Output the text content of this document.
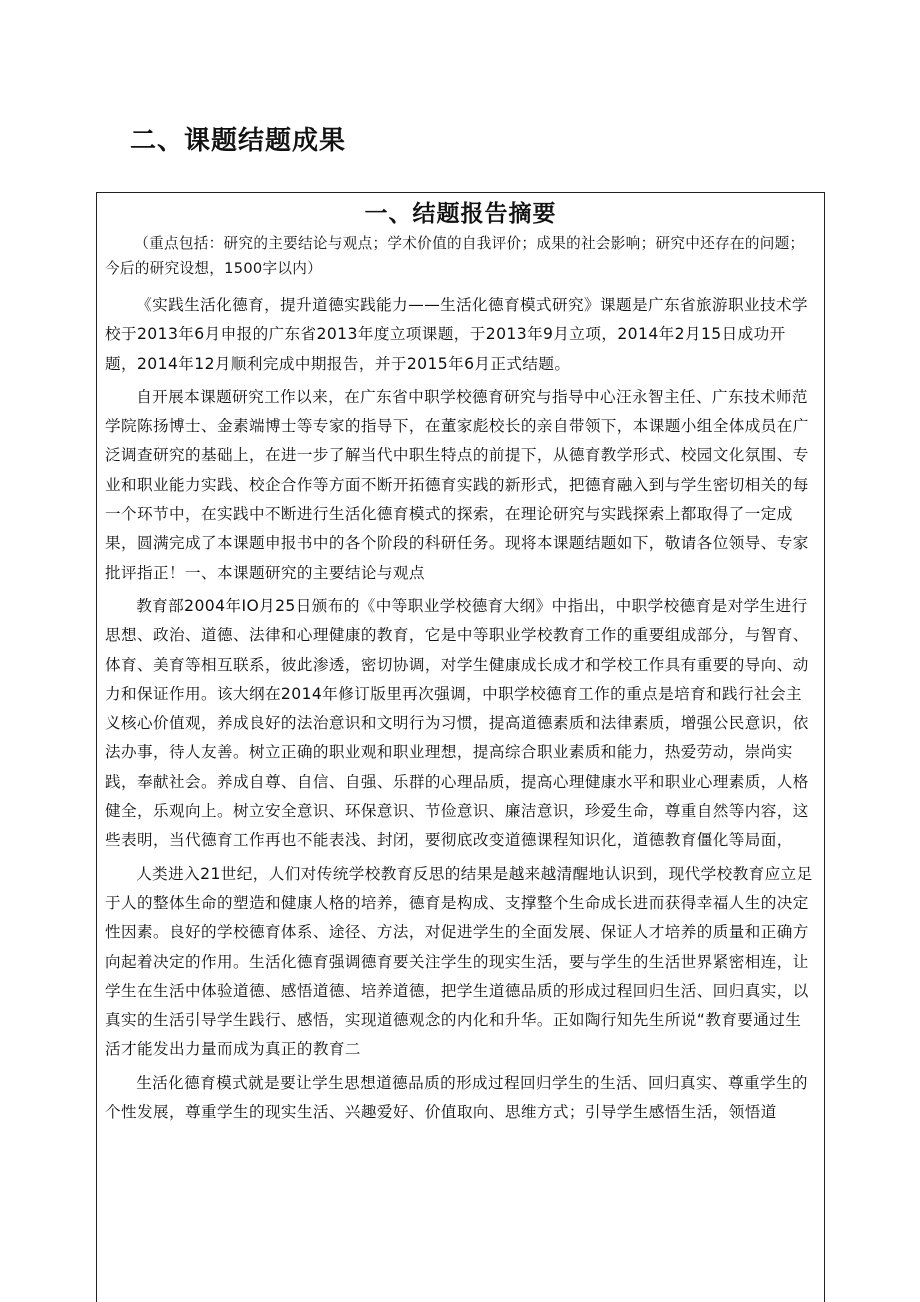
二、课题结题成果
一、结题报告摘要

（重点包括：研究的主要结论与观点；学术价值的自我评价；成果的社会影响；研究中还存在的问题；今后的研究设想，1500字以内）

《实践生活化德育，提升道德实践能力——生活化德育模式研究》课题是广东省旅游职业技术学校于2013年6月申报的广东省2013年度立项课题，于2013年9月立项，2014年2月15日成功开题，2014年12月顺利完成中期报告，并于2015年6月正式结题。

自开展本课题研究工作以来，在广东省中职学校德育研究与指导中心汪永智主任、广东技术师范学院陈扬博士、金素端博士等专家的指导下，在董家彪校长的亲自带领下，本课题小组全体成员在广泛调查研究的基础上，在进一步了解当代中职生特点的前提下，从德育教学形式、校园文化氛围、专业和职业能力实践、校企合作等方面不断开拓德育实践的新形式，把德育融入到与学生密切相关的每一个环节中，在实践中不断进行生活化德育模式的探索，在理论研究与实践探索上都取得了一定成果，圆满完成了本课题申报书中的各个阶段的科研任务。现将本课题结题如下，敬请各位领导、专家批评指正！一、本课题研究的主要结论与观点

教育部2004年IO月25日颁布的《中等职业学校德育大纲》中指出，中职学校德育是对学生进行思想、政治、道德、法律和心理健康的教育，它是中等职业学校教育工作的重要组成部分，与智育、体育、美育等相互联系，彼此渗透，密切协调，对学生健康成长成才和学校工作具有重要的导向、动力和保证作用。该大纲在2014年修订版里再次强调，中职学校德育工作的重点是培育和践行社会主义核心价值观，养成良好的法治意识和文明行为习惯，提高道德素质和法律素质，增强公民意识，依法办事，待人友善。树立正确的职业观和职业理想，提高综合职业素质和能力，热爱劳动，崇尚实践，奉献社会。养成自尊、自信、自强、乐群的心理品质，提高心理健康水平和职业心理素质，人格健全，乐观向上。树立安全意识、环保意识、节俭意识、廉洁意识，珍爱生命，尊重自然等内容，这些表明，当代德育工作再也不能表浅、封闭，要彻底改变道德课程知识化，道德教育僵化等局面，

人类进入21世纪，人们对传统学校教育反思的结果是越来越清醒地认识到，现代学校教育应立足于人的整体生命的塑造和健康人格的培养，德育是构成、支撑整个生命成长进而获得幸福人生的决定性因素。良好的学校德育体系、途径、方法，对促进学生的全面发展、保证人才培养的质量和正确方向起着决定的作用。生活化德育强调德育要关注学生的现实生活，要与学生的生活世界紧密相连，让学生在生活中体验道德、感悟道德、培养道德，把学生道德品质的形成过程回归生活、回归真实，以真实的生活引导学生践行、感悟，实现道德观念的内化和升华。正如陶行知先生所说“教育要通过生活才能发出力量而成为真正的教育二

生活化德育模式就是要让学生思想道德品质的形成过程回归学生的生活、回归真实、尊重学生的个性发展，尊重学生的现实生活、兴趣爱好、价值取向、思维方式；引导学生感悟生活，领悟道
